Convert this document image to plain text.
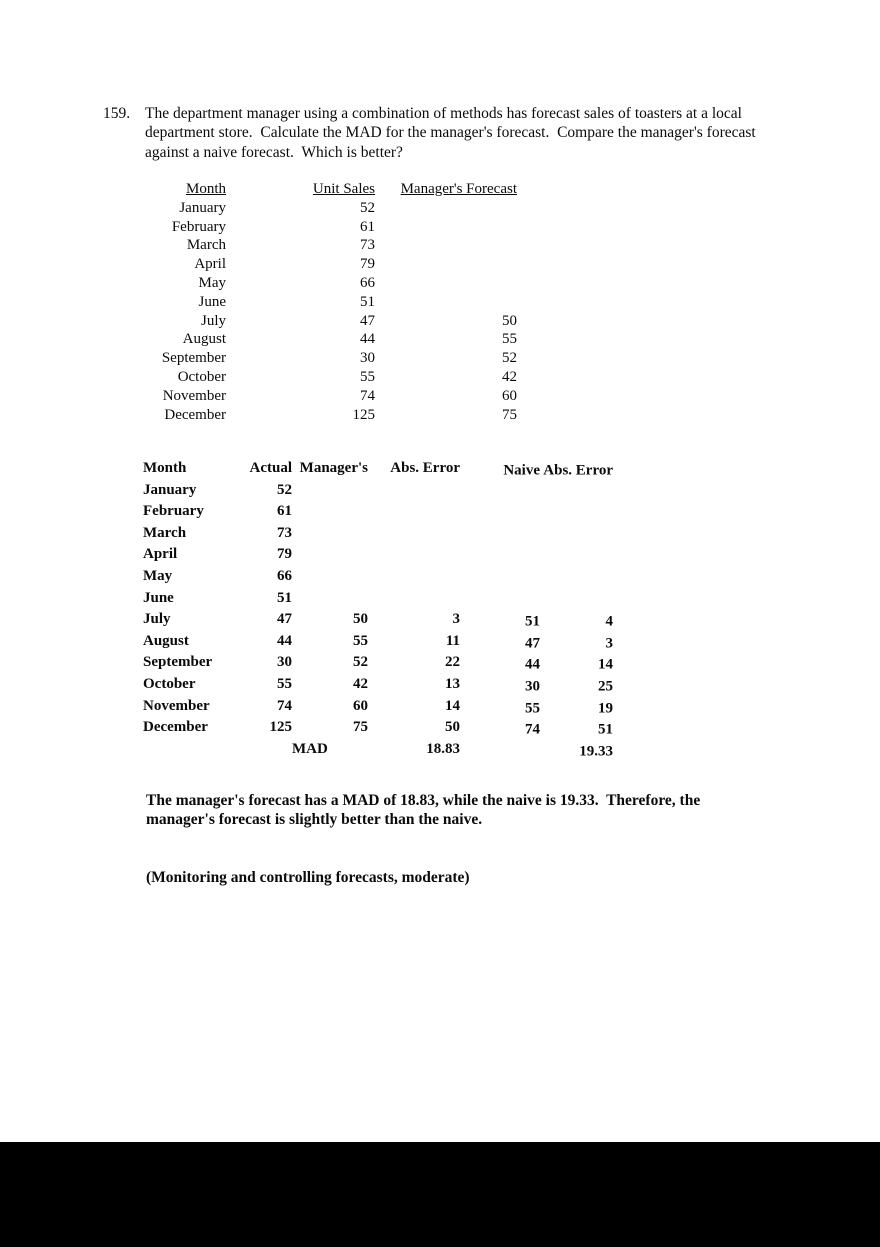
159. The department manager using a combination of methods has forecast sales of toasters at a local department store.  Calculate the MAD for the manager's forecast.  Compare the manager's forecast against a naive forecast.  Which is better?
Month	Unit Sales	Manager's Forecast
January	52
February	61
March	73
April	79
May	66
June	51
July	47	50
August	44	55
September	30	52
October	55	42
November	74	60
December	125	75
Month	Actual Manager's	Abs. Error	Naive Abs. Error
January	52
February	61
March	73
April	79
May	66
June	51
July	47	50	3	51	4
August	44	55	11	47	3
September	30	52	22	44	14
October	55	42	13	30	25
November	74	60	14	55	19
December	125	75	50	74	51
MAD	18.83	19.33

The manager's forecast has a MAD of 18.83, while the naive is 19.33.  Therefore, the manager's forecast is slightly better than the naive.

(Monitoring and controlling forecasts, moderate)
